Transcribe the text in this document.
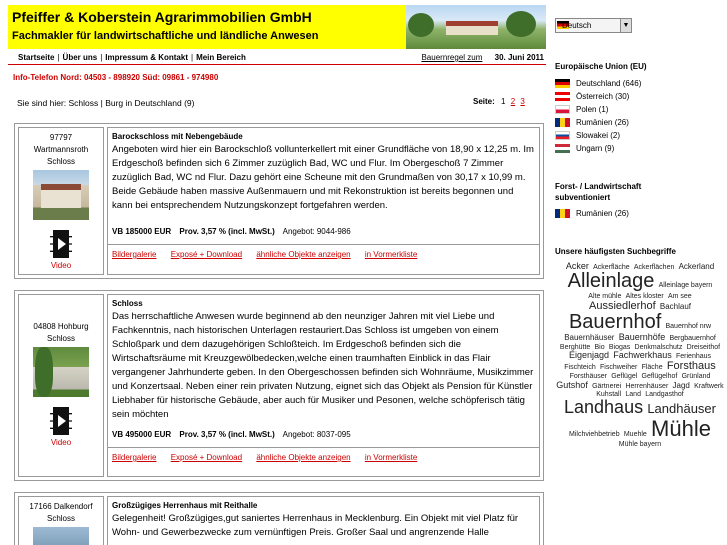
Pfeiffer & Koberstein Agrarimmobilien GmbH
Fachmakler für landwirtschaftliche und ländliche Anwesen
Startseite | Über uns | Impressum & Kontakt | Mein Bereich	Bauernregel zum 30. Juni 2011
Info-Telefon Nord: 04503 - 898920 Süd: 09861 - 974980
Sie sind hier: Schloss | Burg in Deutschland (9)	Seite: 1 2 3
97797 Wartmannsroth
Schloss
Video
Barockschloss mit Nebengebäude
Angeboten wird hier ein Barockschloß vollunterkellert mit einer Grundfläche von 18,90 x 12,25 m. Im Erdgeschoß befinden sich 6 Zimmer zuzüglich Bad, WC und Flur. Im Obergeschoß 7 Zimmer zuzüglich Bad, WC nd Flur. Dazu gehört eine Scheune mit den Grundmaßen von 30,17 x 10,99 m. Beide Gebäude haben massive Außenmauern und mit Rekonstruktion ist bereits begonnen und kann bei entsprechendem Nutzungskonzept fortgefahren werden.
VB 185000 EUR Prov. 3,57 % (incl. MwSt.) Angebot: 9044-986
Bildergalerie Exposé + Download ähnliche Objekte anzeigen in Vormerkliste
04808 Hohburg
Schloss
Video
Schloss
Das herrschaftliche Anwesen wurde beginnend ab den neunziger Jahren mit viel Liebe und Fachkenntnis, nach historischen Unterlagen restauriert.Das Schloss ist umgeben von einem Schloßpark und dem dazugehörigen Schloßteich. Im Erdgeschoß befinden sich die Wirtschaftsräume mit Kreuzgewölbedecken,welche einen traumhaften Einblick in das Flair vergangener Jahrhunderte geben. In den Obergeschossen befinden sich Wohnräume, Musikzimmer und Konzertsaal. Neben einer rein privaten Nutzung, eignet sich das Objekt als Pension für Künstler Liebhaber für historische Gebäude, aber auch für Musiker und Pesonen, welche schöpferisch tätig sein möchten
VB 495000 EUR Prov. 3,57 % (incl. MwSt.) Angebot: 8037-095
Bildergalerie Exposé + Download ähnliche Objekte anzeigen in Vormerkliste
17166 Dalkendorf
Schloss
Großzügiges Herrenhaus mit Reithalle
Gelegenheit! Großzügiges,gut saniertes Herrenhaus in Mecklenburg. Ein Objekt mit viel Platz für Wohn- und Gewerbezwecke zum vernünftigen Preis. Großer Saal und angrenzende Halle
Deutsch	▼
Europäische Union (EU)
Deutschland (646)
Österreich (30)
Polen (1)
Rumänien (26)
Slowakei (2)
Ungarn (9)
Forst- / Landwirtschaft subventioniert
Rumänien (26)
Unsere häufigsten Suchbegriffe
Acker Ackerfläche Ackerflächen Ackerland Alleinlage Alleinlage bayern Alte mühle Altes kloster Am see Aussiedlerhof Bachlauf Bauernhof Bauernhof nrw Bauernhäuser Bauernhöfe Bergbauernhof Berghütte Bio Biogas Denkmalschutz Dreiseithof Eigenjagd Fachwerkhaus Ferienhaus Fischteich Fischweiher Fläche Forsthaus Forsthäuser Geflügel Geflügelhof Grünland Gutshof Gärtnerei Herrenhäuser Jagd Kraftwerk Kuhstall Land Landgasthof Landhaus Landhäuser Milchviehbetrieb Muehle Mühle Mühle bayern
